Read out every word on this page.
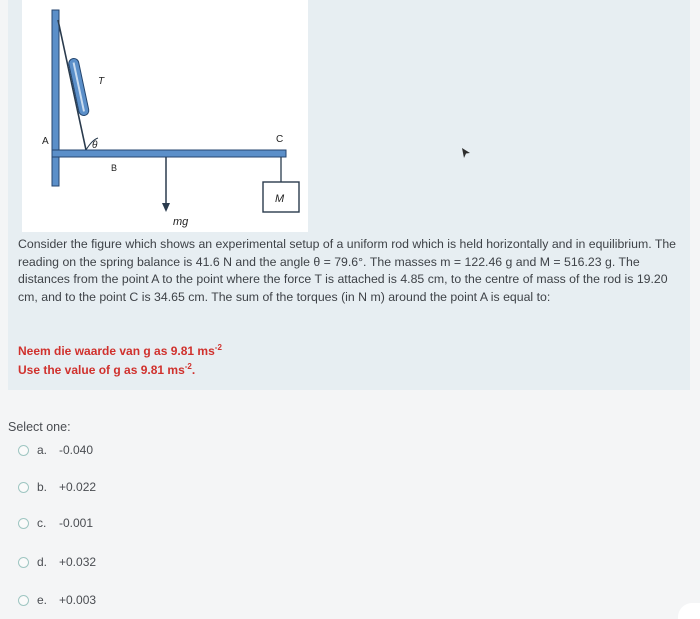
T
θ
A
B
C
M
mg

Consider the figure which shows an experimental setup of a uniform rod which is held horizontally and in equilibrium. The reading on the spring balance is 41.6 N and the angle θ = 79.6°. The masses m = 122.46 g and M = 516.23 g. The distances from the point A to the point where the force T is attached is 4.85 cm, to the centre of mass of the rod is 19.20 cm, and to the point C is 34.65 cm. The sum of the torques (in N m) around the point A is equal to:

Neem die waarde van g as 9.81 $ms^{-2}$
Use the value of g as 9.81 $ms^{-2}$.
Select one:
a. -0.040
b. +0.022
c.	-0.001
d. +0.032
e. +0.003
